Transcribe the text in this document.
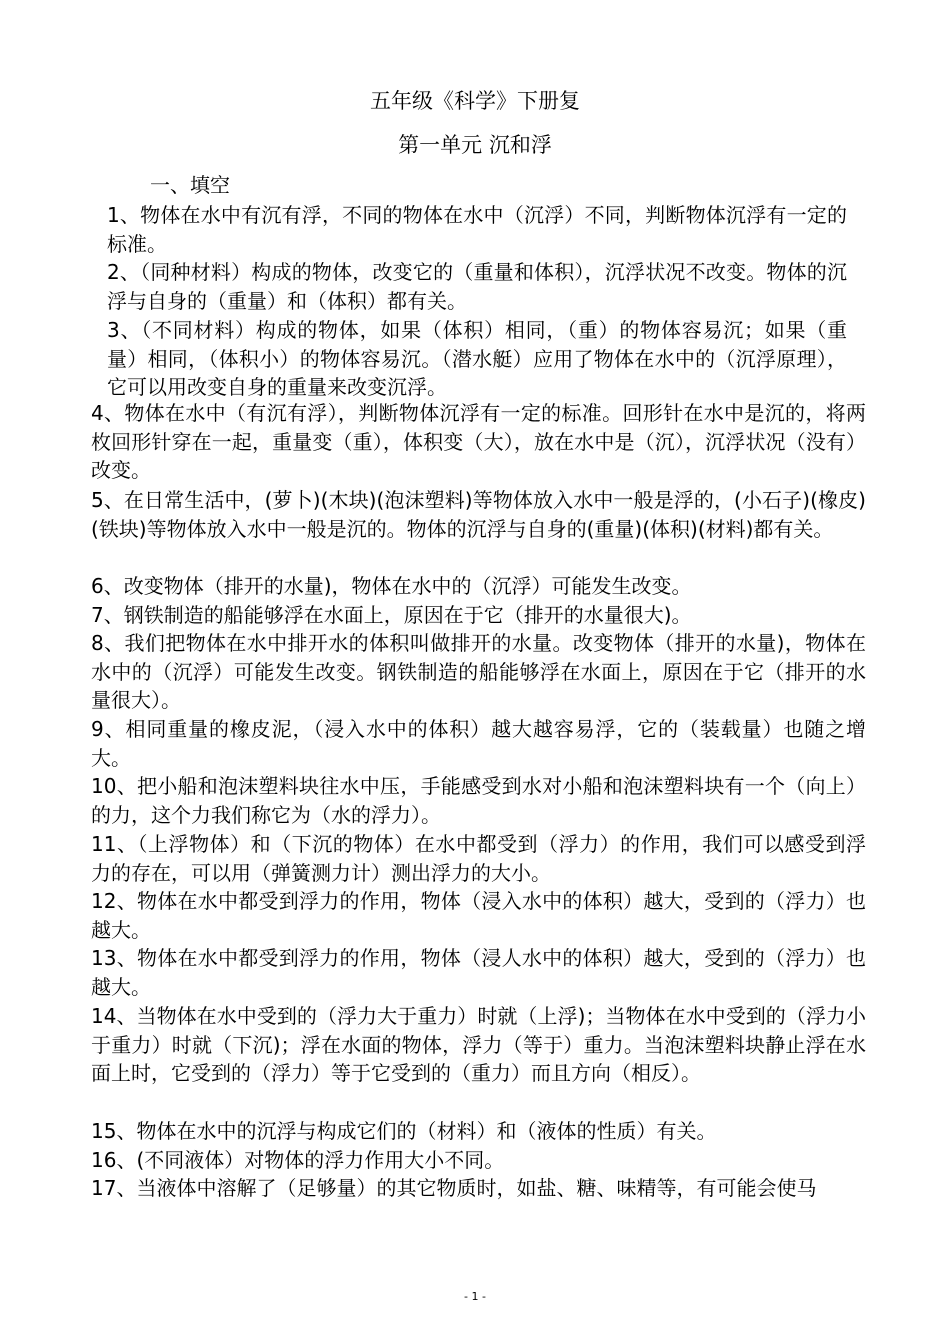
五年级《科学》下册复
第一单元 沉和浮
一、填空
1、物体在水中有沉有浮，不同的物体在水中（沉浮）不同，判断物体沉浮有一定的标准。
2、（同种材料）构成的物体，改变它的（重量和体积），沉浮状况不改变。物体的沉浮与自身的（重量）和（体积）都有关。
3、（不同材料）构成的物体，如果（体积）相同，（重）的物体容易沉；如果（重量）相同，（体积小）的物体容易沉。（潜水艇）应用了物体在水中的（沉浮原理），它可以用改变自身的重量来改变沉浮。
4、物体在水中（有沉有浮），判断物体沉浮有一定的标准。回形针在水中是沉的，将两枚回形针穿在一起，重量变（重），体积变（大），放在水中是（沉），沉浮状况（没有）改变。
5、在日常生活中，(萝卜)(木块)(泡沫塑料)等物体放入水中一般是浮的，(小石子)(橡皮)(铁块)等物体放入水中一般是沉的。物体的沉浮与自身的(重量)(体积)(材料)都有关。
6、改变物体（排开的水量)，物体在水中的（沉浮）可能发生改变。
7、钢铁制造的船能够浮在水面上，原因在于它（排开的水量很大)。
8、我们把物体在水中排开水的体积叫做排开的水量。改变物体（排开的水量)，物体在水中的（沉浮）可能发生改变。钢铁制造的船能够浮在水面上，原因在于它（排开的水量很大）。
9、相同重量的橡皮泥，（浸入水中的体积）越大越容易浮，它的（装载量）也随之增大。
10、把小船和泡沫塑料块往水中压，手能感受到水对小船和泡沫塑料块有一个（向上）的力，这个力我们称它为（水的浮力）。
11、（上浮物体）和（下沉的物体）在水中都受到（浮力）的作用，我们可以感受到浮力的存在，可以用（弹簧测力计）测出浮力的大小。
12、物体在水中都受到浮力的作用，物体（浸入水中的体积）越大，受到的（浮力）也越大。
13、物体在水中都受到浮力的作用，物体（浸人水中的体积）越大，受到的（浮力）也越大。
14、当物体在水中受到的（浮力大于重力）时就（上浮)；当物体在水中受到的（浮力小于重力）时就（下沉)；浮在水面的物体，浮力（等于）重力。当泡沫塑料块静止浮在水面上时，它受到的（浮力）等于它受到的（重力）而且方向（相反）。
15、物体在水中的沉浮与构成它们的（材料）和（液体的性质）有关。
16、(不同液体）对物体的浮力作用大小不同。
17、当液体中溶解了（足够量）的其它物质时，如盐、糖、味精等，有可能会使马
- 1 -
